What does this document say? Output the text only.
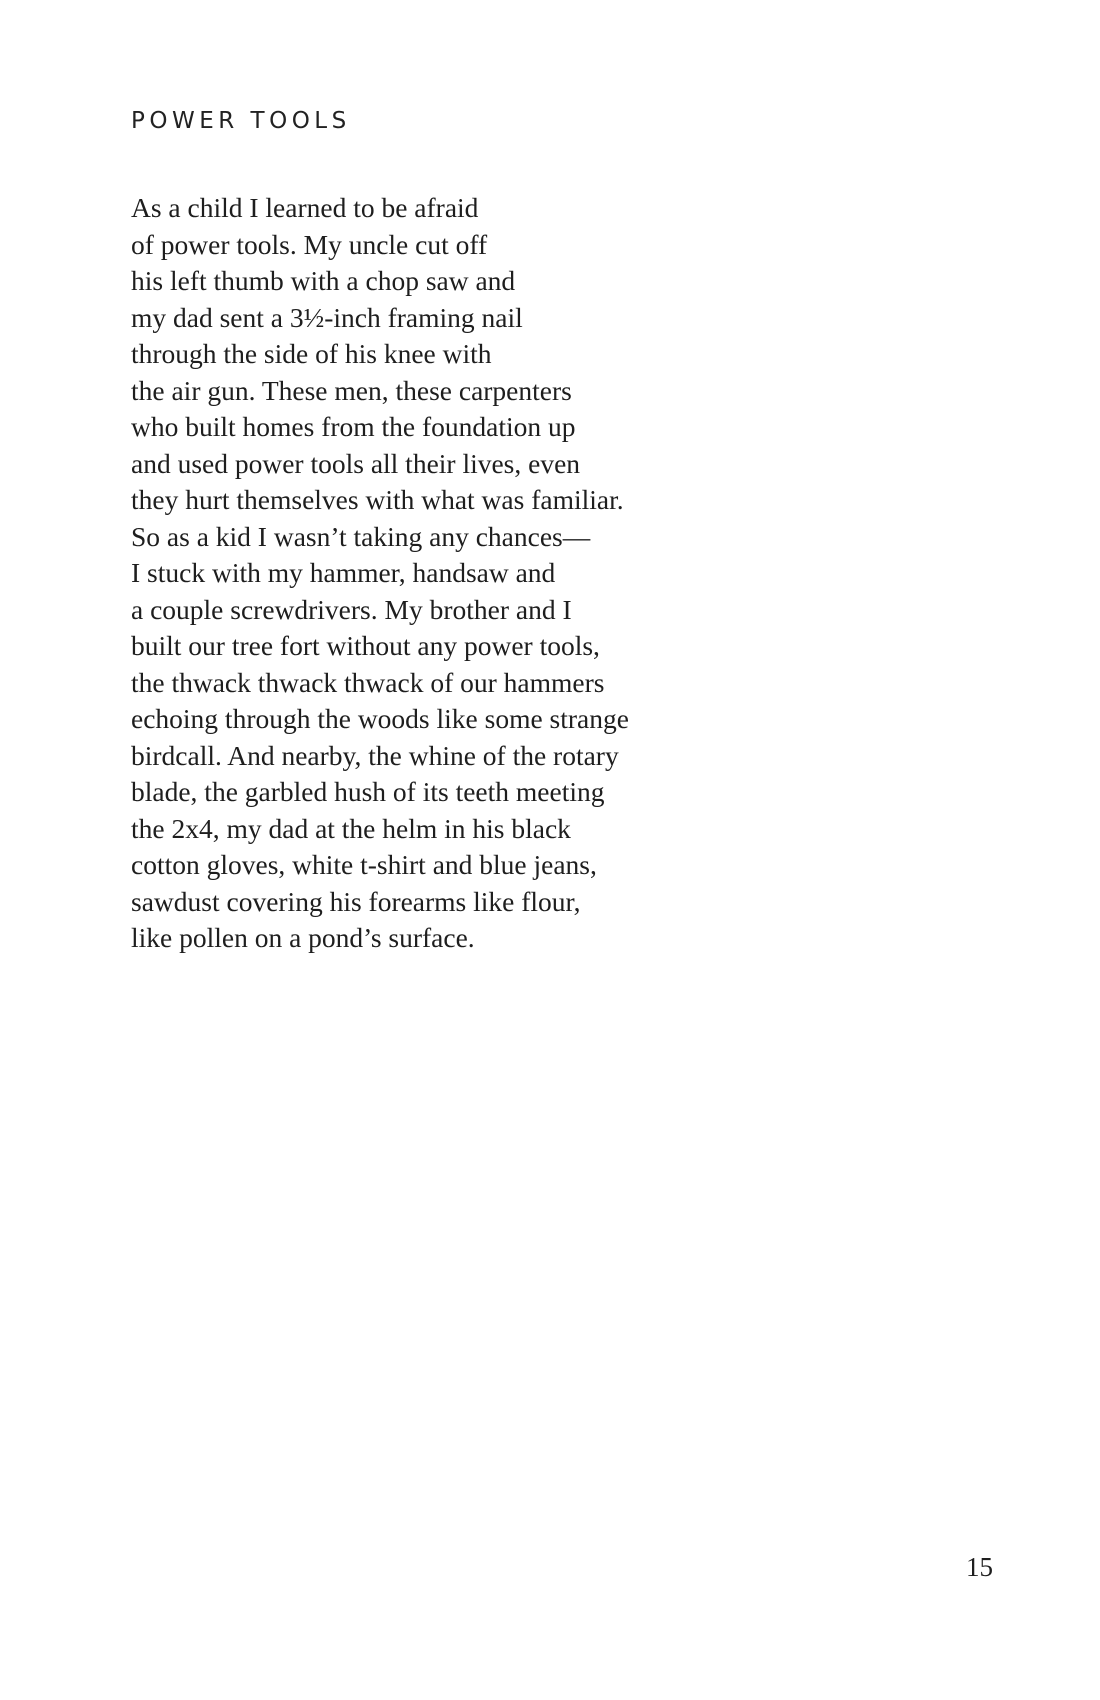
POWER TOOLS
As a child I learned to be afraid
of power tools. My uncle cut off
his left thumb with a chop saw and
my dad sent a 3½-inch framing nail
through the side of his knee with
the air gun. These men, these carpenters
who built homes from the foundation up
and used power tools all their lives, even
they hurt themselves with what was familiar.
So as a kid I wasn’t taking any chances—
I stuck with my hammer, handsaw and
a couple screwdrivers. My brother and I
built our tree fort without any power tools,
the thwack thwack thwack of our hammers
echoing through the woods like some strange
birdcall. And nearby, the whine of the rotary
blade, the garbled hush of its teeth meeting
the 2x4, my dad at the helm in his black
cotton gloves, white t-shirt and blue jeans,
sawdust covering his forearms like flour,
like pollen on a pond’s surface.
15
